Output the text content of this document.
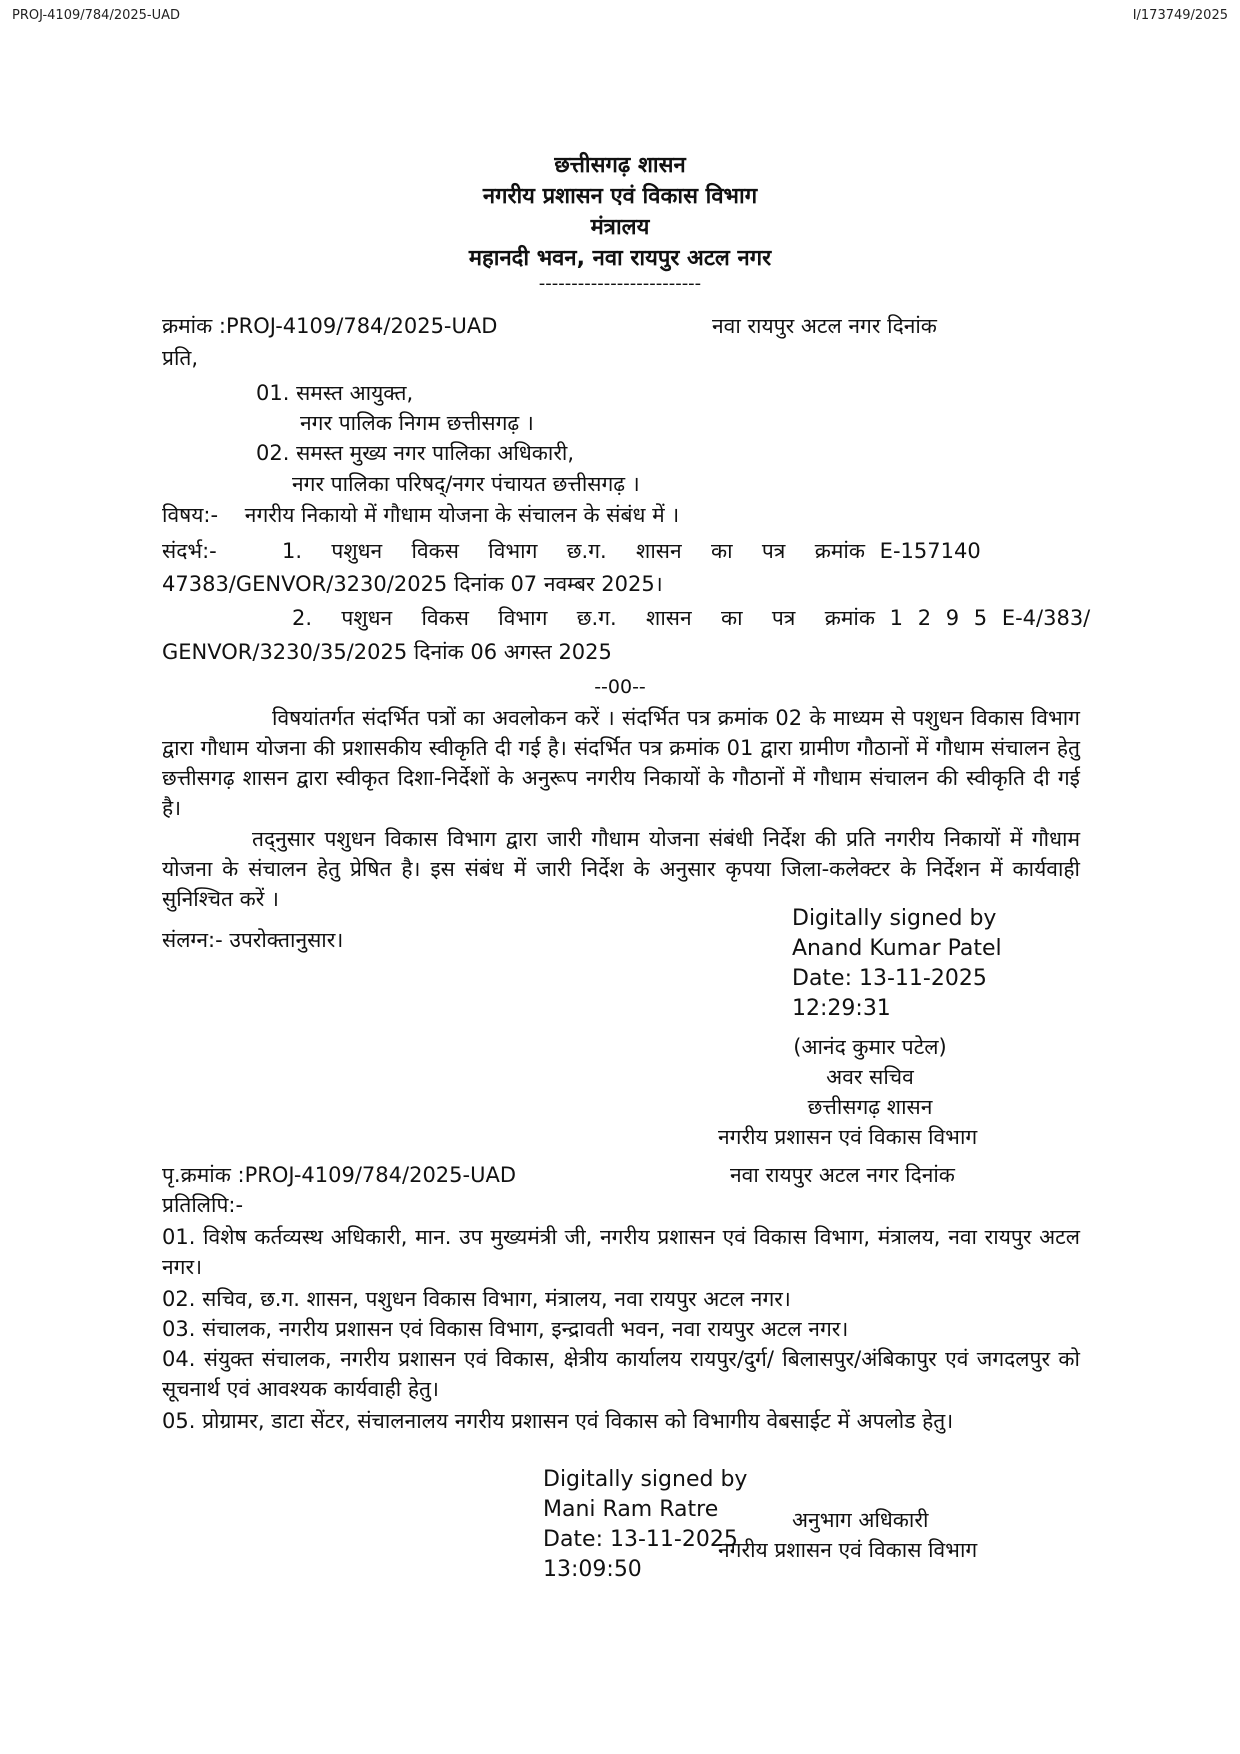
PROJ-4109/784/2025-UAD	I/173749/2025
छत्तीसगढ़ शासन
नगरीय प्रशासन एवं विकास विभाग
मंत्रालय
महानदी भवन, नवा रायपुर अटल नगर
-------------------------
क्रमांक :PROJ-4109/784/2025-UAD	नवा रायपुर अटल नगर दिनांक
प्रति,
01. समस्त आयुक्त,
नगर पालिक निगम छत्तीसगढ़ ।
02. समस्त मुख्य नगर पालिका अधिकारी,
नगर पालिका परिषद्/नगर पंचायत छत्तीसगढ़ ।
विषय:-    नगरीय निकायो में गौधाम योजना के संचालन के संबंध में ।
संदर्भ:-	1.  पशुधन  विकस  विभाग  छ.ग.  शासन  का  पत्र  क्रमांक E-157140
47383/GENVOR/3230/2025 दिनांक 07 नवम्बर 2025।
2.  पशुधन  विकस  विभाग  छ.ग.  शासन  का  पत्र  क्रमांक 1 2 9 5 E-4/383/
GENVOR/3230/35/2025 दिनांक 06 अगस्त 2025
--00--
विषयांतर्गत संदर्भित पत्रों का अवलोकन करें । संदर्भित पत्र क्रमांक 02 के माध्यम से पशुधन विकास विभाग द्वारा गौधाम योजना की प्रशासकीय स्वीकृति दी गई है। संदर्भित पत्र क्रमांक 01 द्वारा ग्रामीण गौठानों में गौधाम संचालन हेतु छत्तीसगढ़ शासन द्वारा स्वीकृत दिशा-निर्देशों के अनुरूप नगरीय निकायों के गौठानों में गौधाम संचालन की स्वीकृति दी गई है।
तद्नुसार पशुधन विकास विभाग द्वारा जारी गौधाम योजना संबंधी निर्देश की प्रति नगरीय निकायों में गौधाम योजना के संचालन हेतु प्रेषित है। इस संबंध में जारी निर्देश के अनुसार कृपया जिला-कलेक्टर के निर्देशन में कार्यवाही सुनिश्चित करें ।
संलग्न:- उपरोक्तानुसार।
Digitally signed by
Anand Kumar Patel
Date: 13-11-2025
12:29:31
(आनंद कुमार पटेल)
अवर सचिव
छत्तीसगढ़ शासन
नगरीय प्रशासन एवं विकास विभाग
पृ.क्रमांक :PROJ-4109/784/2025-UAD	नवा रायपुर अटल नगर दिनांक
प्रतिलिपि:-
01. विशेष कर्तव्यस्थ अधिकारी, मान. उप मुख्यमंत्री जी, नगरीय प्रशासन एवं विकास विभाग, मंत्रालय, नवा रायपुर अटल नगर।
02. सचिव, छ.ग. शासन, पशुधन विकास विभाग, मंत्रालय, नवा रायपुर अटल नगर।
03. संचालक, नगरीय प्रशासन एवं विकास विभाग, इन्द्रावती भवन, नवा रायपुर अटल नगर।
04. संयुक्त संचालक, नगरीय प्रशासन एवं विकास, क्षेत्रीय कार्यालय रायपुर/दुर्ग/ बिलासपुर/अंबिकापुर एवं जगदलपुर को सूचनार्थ एवं आवश्यक कार्यवाही हेतु।
05. प्रोग्रामर, डाटा सेंटर, संचालनालय नगरीय प्रशासन एवं विकास को विभागीय वेबसाईट में अपलोड हेतु।
Digitally signed by
Mani Ram Ratre
Date: 13-11-2025
13:09:50
अनुभाग अधिकारी
नगरीय प्रशासन एवं विकास विभाग
